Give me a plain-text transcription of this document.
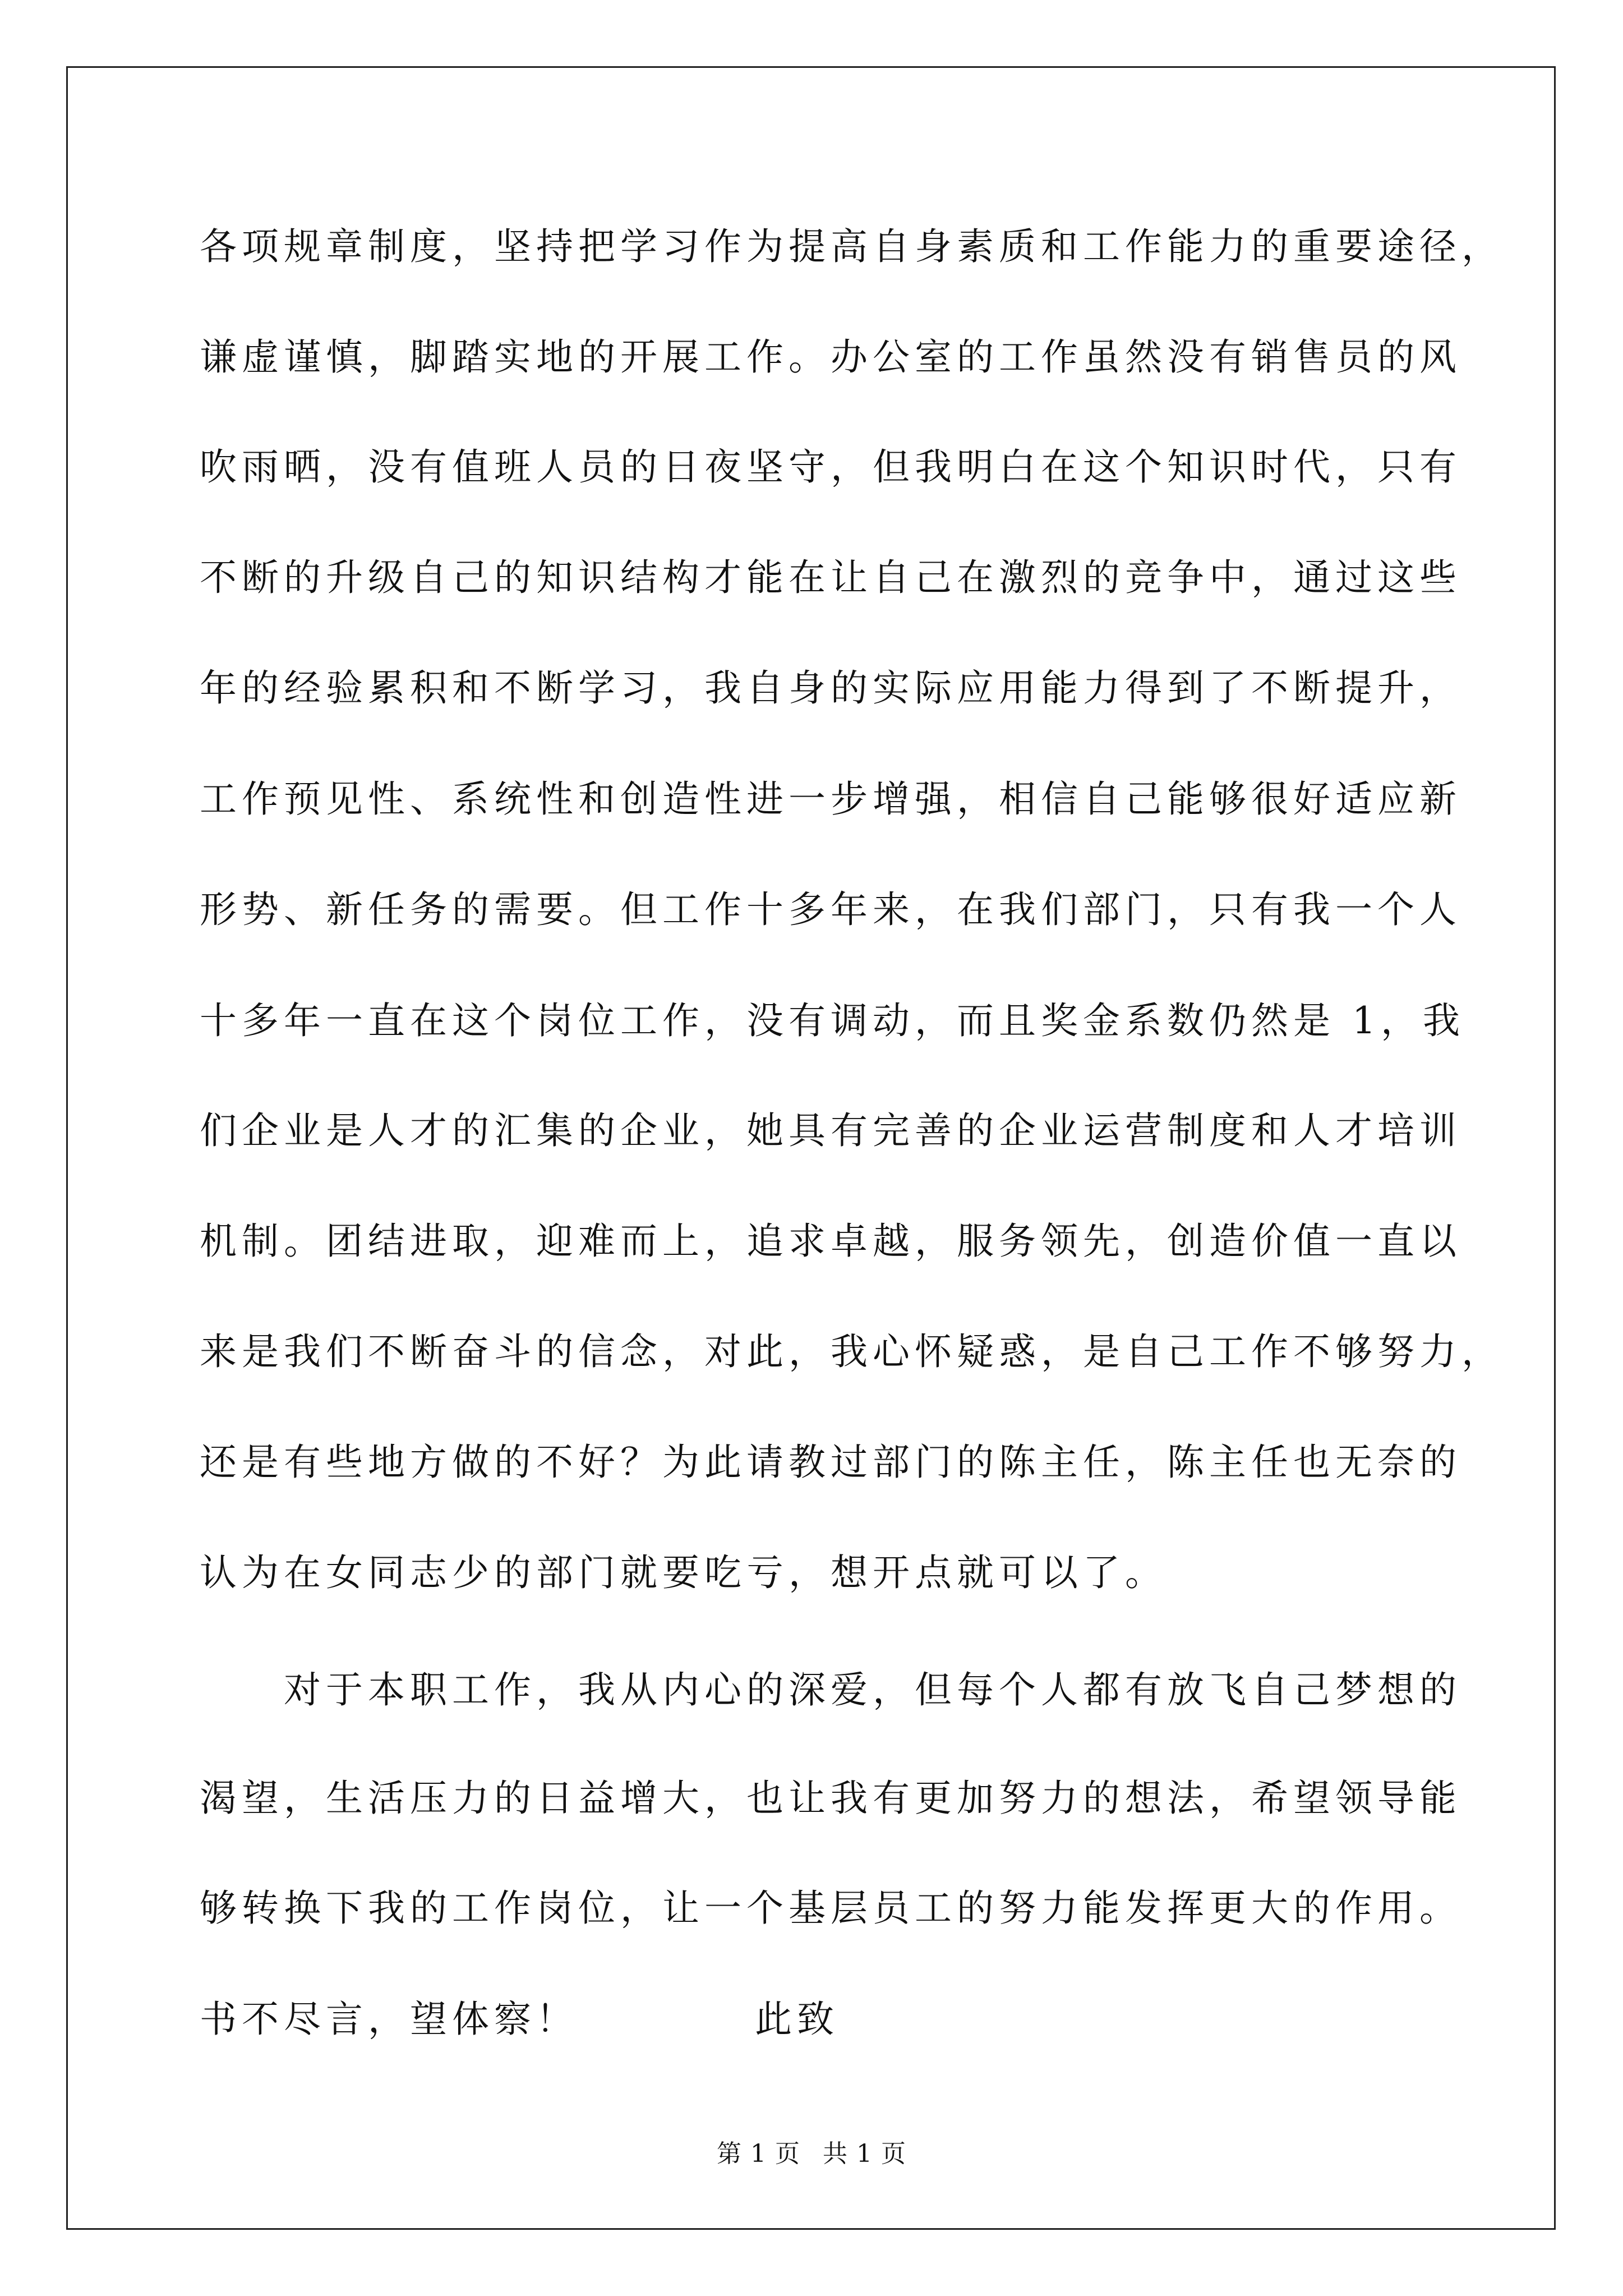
各项规章制度，坚持把学习作为提高自身素质和工作能力的重要途径，
谦虚谨慎，脚踏实地的开展工作。办公室的工作虽然没有销售员的风
吹雨晒，没有值班人员的日夜坚守，但我明白在这个知识时代，只有
不断的升级自己的知识结构才能在让自己在激烈的竞争中，通过这些
年的经验累积和不断学习，我自身的实际应用能力得到了不断提升，
工作预见性、系统性和创造性进一步增强，相信自己能够很好适应新
形势、新任务的需要。但工作十多年来，在我们部门，只有我一个人
十多年一直在这个岗位工作，没有调动，而且奖金系数仍然是 1，我
们企业是人才的汇集的企业，她具有完善的企业运营制度和人才培训
机制。团结进取，迎难而上，追求卓越，服务领先，创造价值一直以
来是我们不断奋斗的信念，对此，我心怀疑惑，是自己工作不够努力，
还是有些地方做的不好？为此请教过部门的陈主任，陈主任也无奈的
认为在女同志少的部门就要吃亏，想开点就可以了。
对于本职工作，我从内心的深爱，但每个人都有放飞自己梦想的
渴望，生活压力的日益增大，也让我有更加努力的想法，希望领导能
够转换下我的工作岗位，让一个基层员工的努力能发挥更大的作用。
书不尽言，望体察！	此致
第 1 页 共 1 页
